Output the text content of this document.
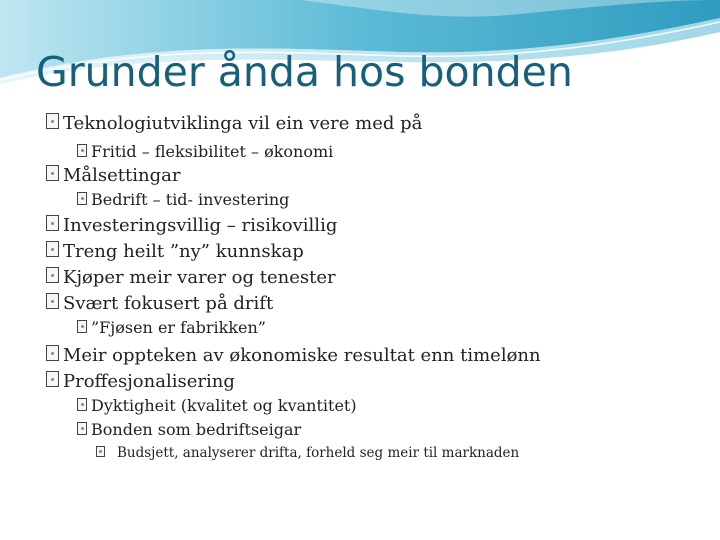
Grunder ånda hos bonden
Teknologiutviklinga vil ein vere med på
Fritid – fleksibilitet – økonomi
Målsettingar
Bedrift – tid- investering
Investeringsvillig – risikovillig
Treng heilt ”ny” kunnskap
Kjøper meir varer og tenester
Svært fokusert på drift
”Fjøsen er fabrikken”
Meir oppteken av økonomiske resultat enn timelønn
Proffesjonalisering
Dyktigheit (kvalitet og kvantitet)
Bonden som bedriftseigar
Budsjett, analyserer drifta, forheld seg meir til marknaden
